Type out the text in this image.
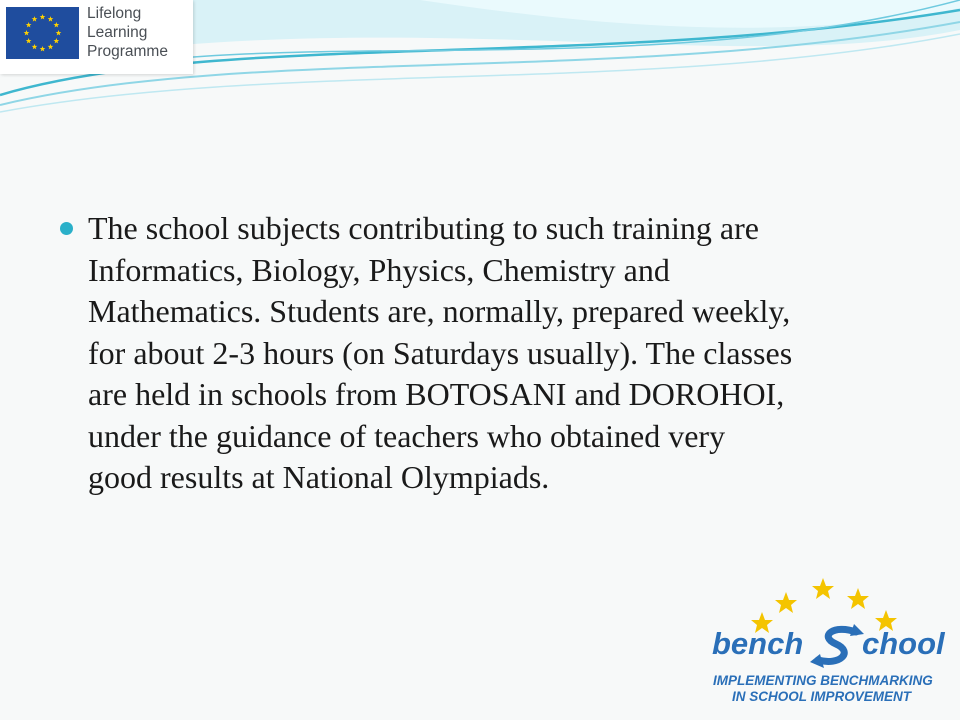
Lifelong
Learning
Programme
The school subjects contributing to such training are
Informatics, Biology, Physics, Chemistry and
Mathematics. Students are, normally, prepared weekly,
for about 2-3 hours (on Saturdays usually). The classes
are held in schools from BOTOSANI and DOROHOI,
under the guidance of teachers who obtained very
good results at National Olympiads.
bench chool
IMPLEMENTING BENCHMARKING
IN SCHOOL IMPROVEMENT
